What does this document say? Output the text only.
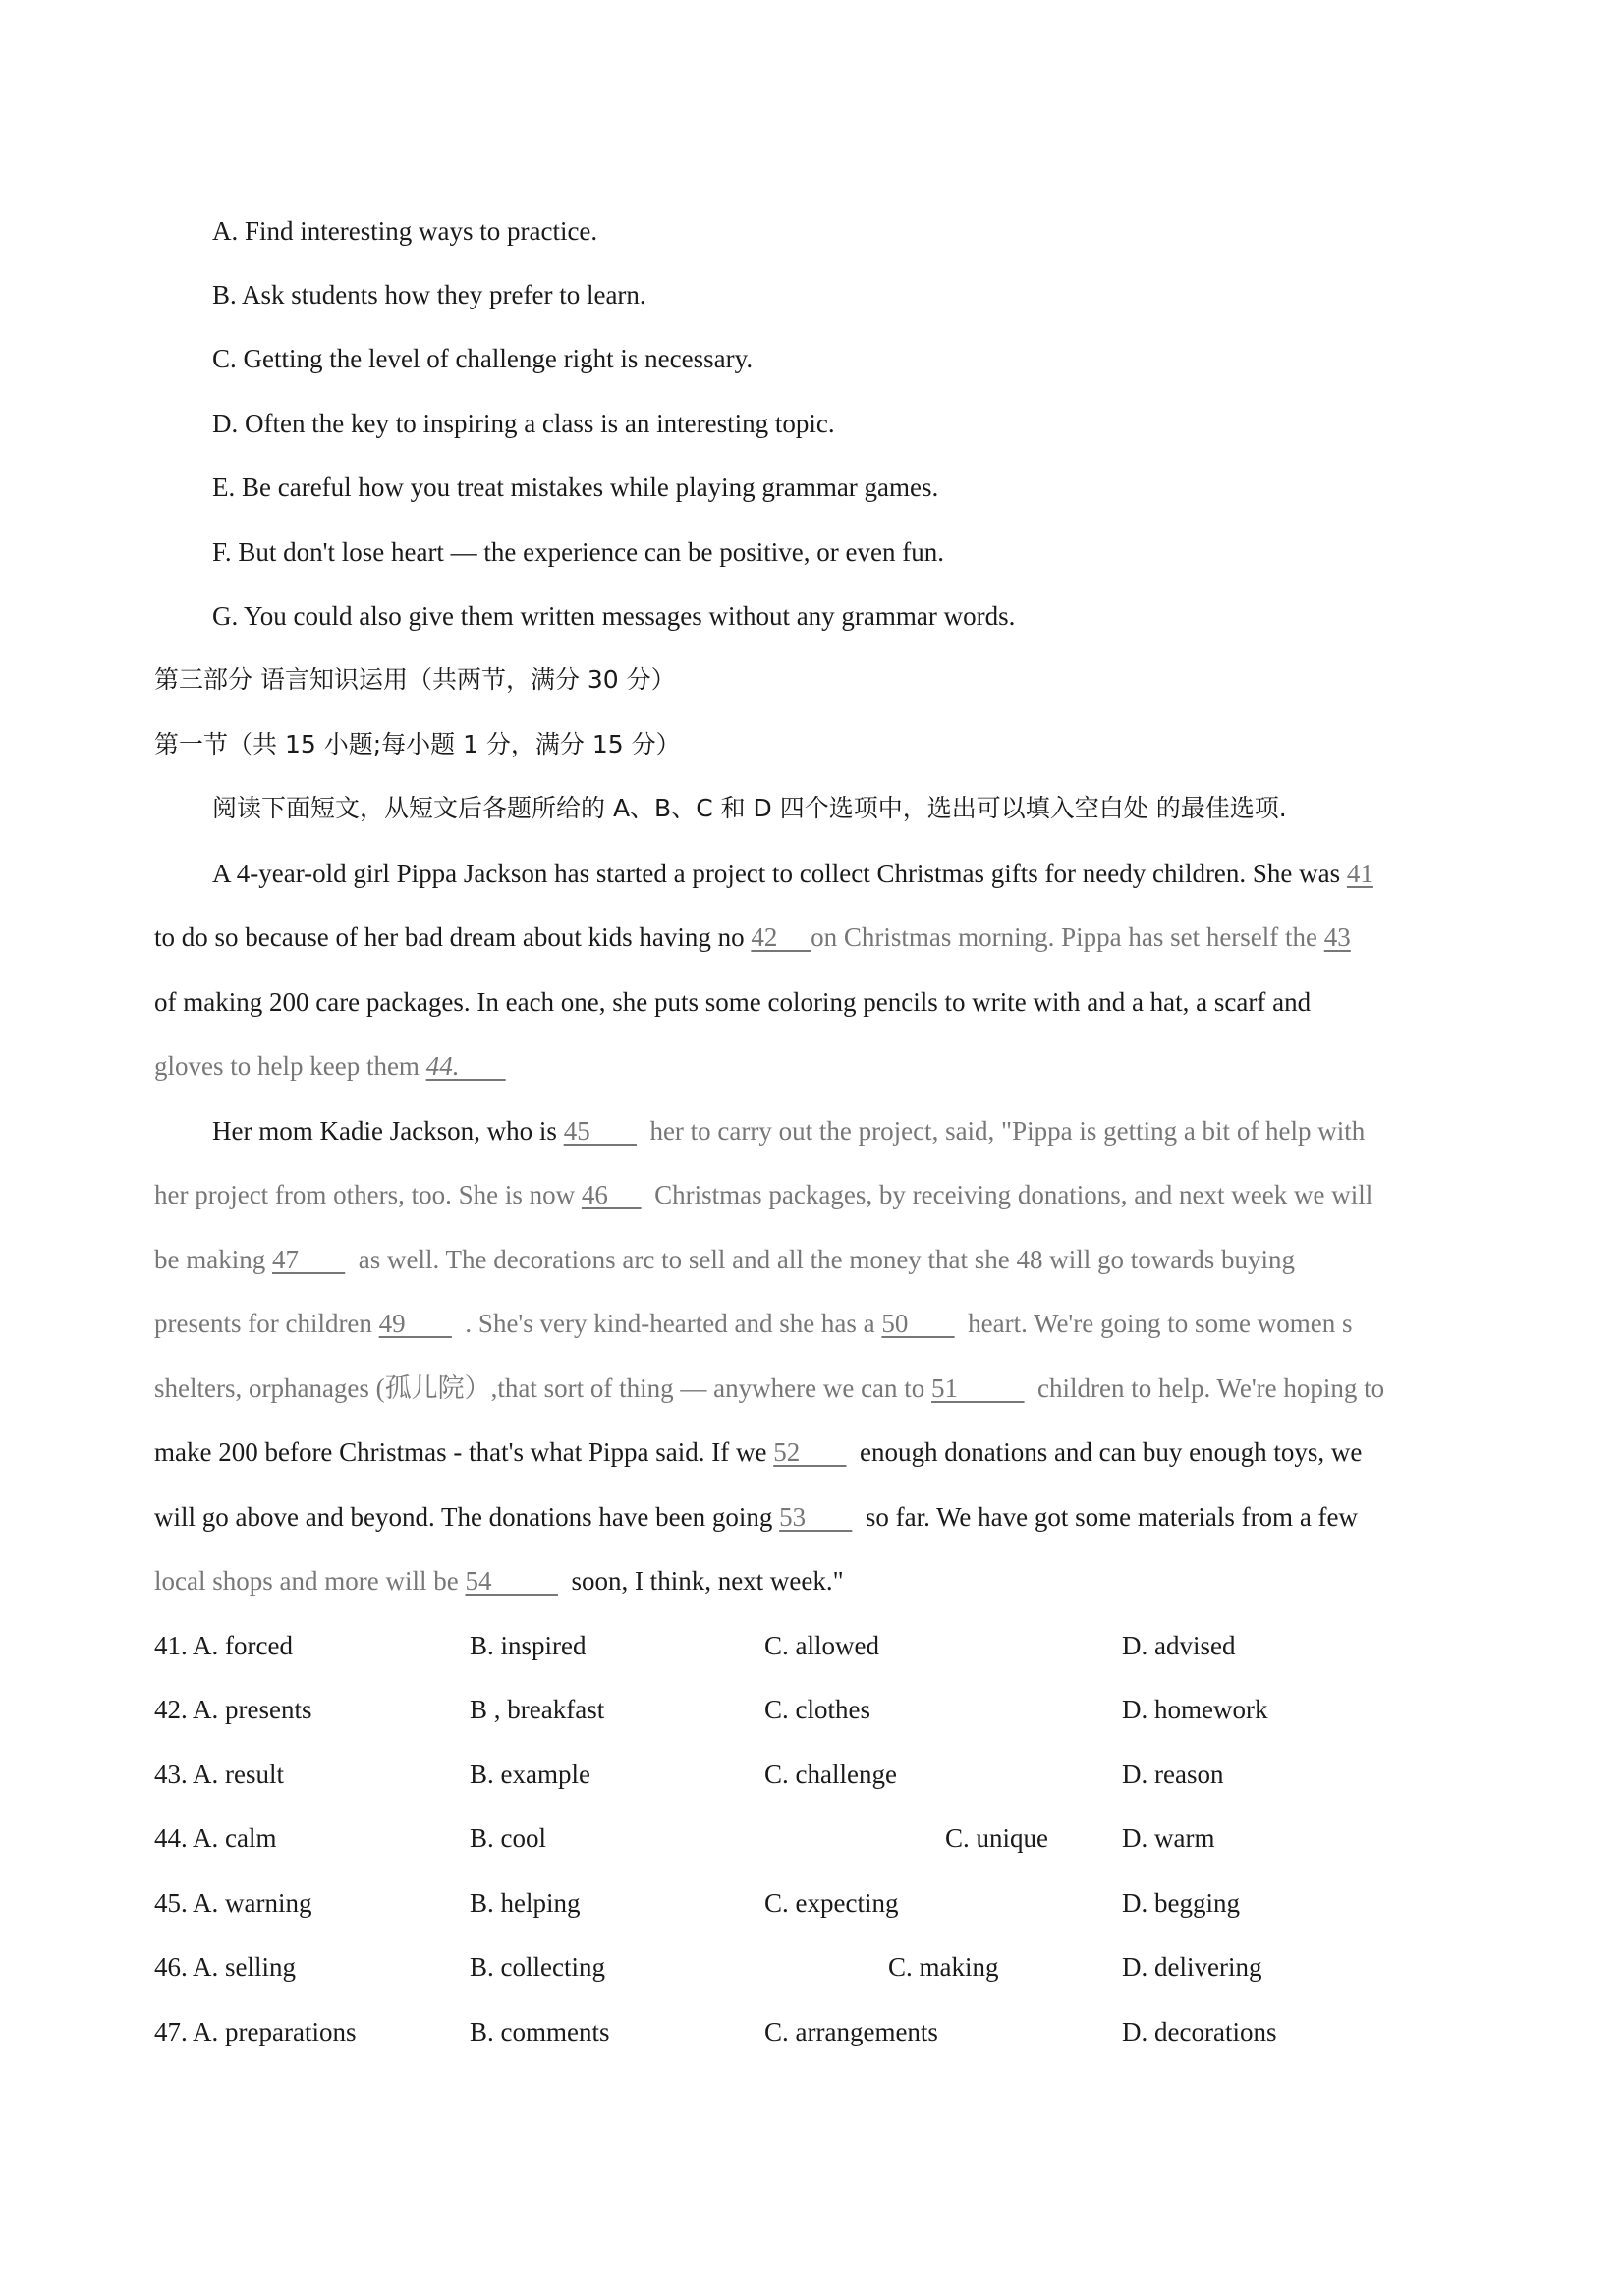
A. Find interesting ways to practice.
B. Ask students how they prefer to learn.
C. Getting the level of challenge right is necessary.
D. Often the key to inspiring a class is an interesting topic.
E. Be careful how you treat mistakes while playing grammar games.
F. But don't lose heart — the experience can be positive, or even fun.
G. You could also give them written messages without any grammar words.
第三部分 语言知识运用（共两节，满分 30 分）
第一节（共 15 小题;每小题 1 分，满分 15 分）
阅读下面短文，从短文后各题所给的 A、B、C 和 D 四个选项中，选出可以填入空白处 的最佳选项.
A 4-year-old girl Pippa Jackson has started a project to collect Christmas gifts for needy children. She was 41
to do so because of her bad dream about kids having no 42     on Christmas morning. Pippa has set herself the 43
of making 200 care packages. In each one, she puts some coloring pencils to write with and a hat, a scarf and
gloves to help keep them 44.
Her mom Kadie Jackson, who is 45         her to carry out the project, said, "Pippa is getting a bit of help with
her project from others, too. She is now 46       Christmas packages, by receiving donations, and next week we will
be making 47         as well. The decorations arc to sell and all the money that she 48 will go towards buying
presents for children 49         . She's very kind-hearted and she has a 50         heart. We're going to some women s
shelters, orphanages (孤儿院）,that sort of thing — anywhere we can to 51            children to help. We're hoping to
make 200 before Christmas - that's what Pippa said. If we 52         enough donations and can buy enough toys, we
will go above and beyond. The donations have been going 53         so far. We have got some materials from a few
local shops and more will be 54            soon, I think, next week."
41. A. forced	B. inspired	C. allowed	D. advised
42. A. presents	B , breakfast	C. clothes	D. homework
43. A. result	B. example	C. challenge	D. reason
44. A. calm	B. cool	C. unique	D. warm
45. A. warning	B. helping	C. expecting	D. begging
46. A. selling	B. collecting	C. making	D. delivering
47. A. preparations	B. comments	C. arrangements	D. decorations
